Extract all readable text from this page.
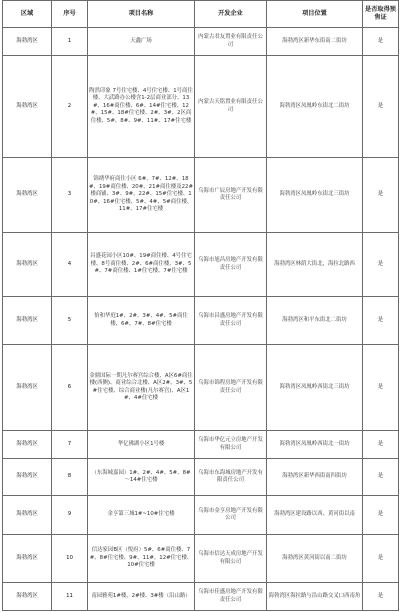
区域	序号	项目名称	开发企业	项目位置	是否取得预售证
海勃湾区	1	天鑫广场	内蒙古君友置业有限责任公司	海勃湾区新华东街南二街坊	是
海勃湾区	2	陶然印象 7号住宅楼、4号住宅楼、1号商住楼、大武路办公楼含1-2层商业部分、13#、16#商住楼、6#、14#住宅楼、12#、15#、18#住宅楼、2#、3#、2区商住楼、5#、8#、9#、11#、17#住宅楼	内蒙古天铭置业有限责任公司	海勃湾区凤凰岭东街北二街坊	是
海勃湾区	3	锦绣华府商住小区 6#、7#、12#、18#、19#商住楼、20#、21#商住楼及22#楼商铺、3#、9#、22#、15#住宅楼、10#、16#住宅楼、5#、4#、5#商住楼、11#、17#住宅楼	乌海市广辰房地产开发有限责任公司	海勃湾区凤凰岭东街北三街坊	是
海勃湾区	4	昌盛花园小区10#、19#商住楼、4号住宅楼、8号商住楼、2#、6#商住楼、3#、5#、7#商住楼、1#住宅楼、7#住宅楼	乌海市旭昌房地产开发有限责任公司	海勃湾区林荫大街北，海拉北路西	是
海勃湾区	5	怡和华庭1#、2#、3#、4#、5#商住楼、6#、7#、8#住宅楼	乌海市昌盛房地产开发有限责任公司	海勃湾区和平东街北二街坊	是
海勃湾区	6	金鼎国际一期凡尔赛宫综合楼、A区6#商住楼(西侧)、商业综合北楼、A区2#、3#、5#住宅楼、综合商业楼(凡尔赛宫)、A区1#、4#住宅楼	乌海市锦程房地产开发有限责任公司	海勃湾区凤凰岭西街北三街坊	是
海勃湾区	7	华亿佛湖小区1号楼	乌海市华亿元立房地产开发有限公司	海勃湾区凤凰岭西街北一街坊	是
海勃湾区	8	（东海城嘉园）1#、2#、4#、5#、8#～14#住宅楼	乌海市东海城房地产开发有限责任公司	海勃湾区新华西街南四街坊	是
海勃湾区	9	金亨第三城1#~10#住宅楼	乌海市金亨房地产开发有限公司	海勃湾区建设路以西、黄河街以南	是
海勃湾区	10	信达家园B区（悦府）5#、6#商住楼、7#、8#住宅楼、9#、11#、12#住宅楼、10#住宅楼	乌海市信达天成房地产开发有限公司	海勃湾区黄河街以南二街坊	是
海勃湾区	11	南园雅苑1#楼、2#楼、3#楼（沿山路）	乌海市佳盛房地产开发有限责任公司	海勃湾区海拉路与沿山路交叉口西南角	是
